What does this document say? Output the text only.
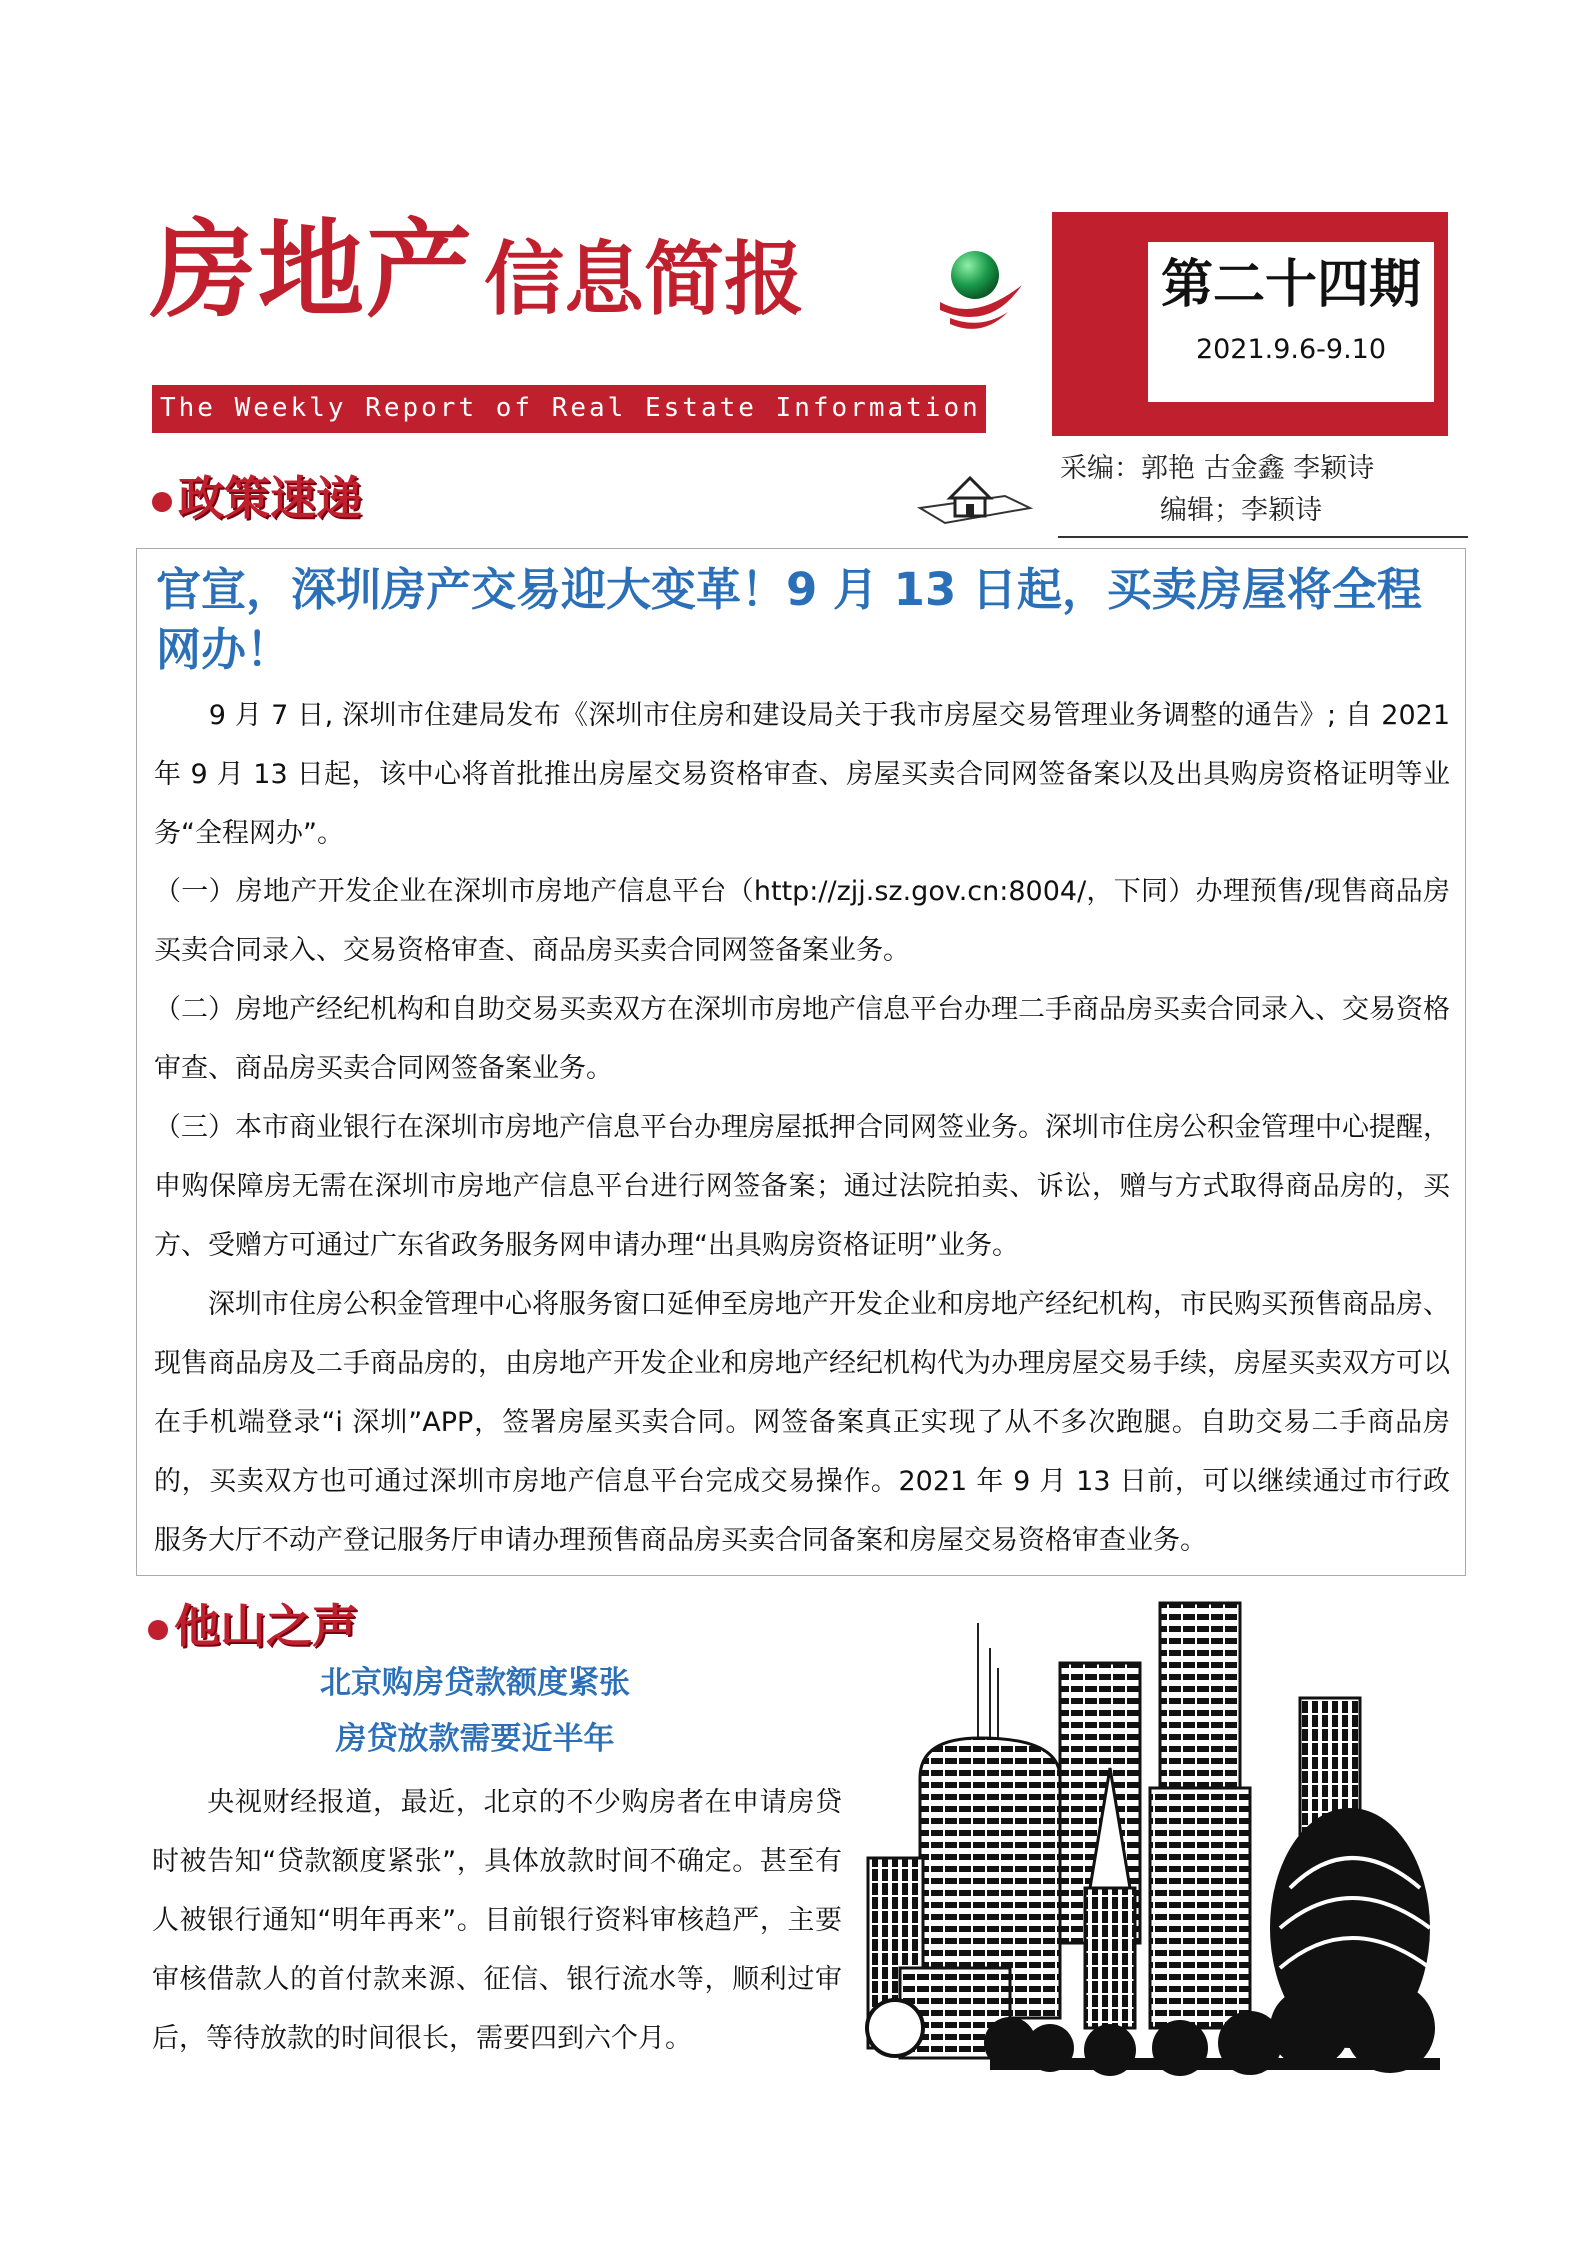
房地产 信息简报
The Weekly Report of Real Estate Information
第二十四期
2021.9.6-9.10
政策速递
采编：郭艳 古金鑫 李颖诗
编辑；李颖诗
官宣，深圳房产交易迎大变革！9 月 13 日起，买卖房屋将全程网办！
　　9 月 7 日, 深圳市住建局发布《深圳市住房和建设局关于我市房屋交易管理业务调整的通告》; 自 2021 年 9 月 13 日起，该中心将首批推出房屋交易资格审查、房屋买卖合同网签备案以及出具购房资格证明等业务“全程网办”。
（一）房地产开发企业在深圳市房地产信息平台（http://zjj.sz.gov.cn:8004/，下同）办理预售/现售商品房买卖合同录入、交易资格审查、商品房买卖合同网签备案业务。
（二）房地产经纪机构和自助交易买卖双方在深圳市房地产信息平台办理二手商品房买卖合同录入、交易资格审查、商品房买卖合同网签备案业务。
（三）本市商业银行在深圳市房地产信息平台办理房屋抵押合同网签业务。深圳市住房公积金管理中心提醒，申购保障房无需在深圳市房地产信息平台进行网签备案；通过法院拍卖、诉讼，赠与方式取得商品房的，买方、受赠方可通过广东省政务服务网申请办理“出具购房资格证明”业务。
　　深圳市住房公积金管理中心将服务窗口延伸至房地产开发企业和房地产经纪机构，市民购买预售商品房、现售商品房及二手商品房的，由房地产开发企业和房地产经纪机构代为办理房屋交易手续，房屋买卖双方可以在手机端登录“i 深圳”APP，签署房屋买卖合同。网签备案真正实现了从不多次跑腿。自助交易二手商品房的，买卖双方也可通过深圳市房地产信息平台完成交易操作。2021 年 9 月 13 日前，可以继续通过市行政服务大厅不动产登记服务厅申请办理预售商品房买卖合同备案和房屋交易资格审查业务。
他山之声
北京购房贷款额度紧张
房贷放款需要近半年
　　央视财经报道，最近，北京的不少购房者在申请房贷时被告知“贷款额度紧张”，具体放款时间不确定。甚至有人被银行通知“明年再来”。目前银行资料审核趋严，主要审核借款人的首付款来源、征信、银行流水等，顺利过审后，等待放款的时间很长，需要四到六个月。
